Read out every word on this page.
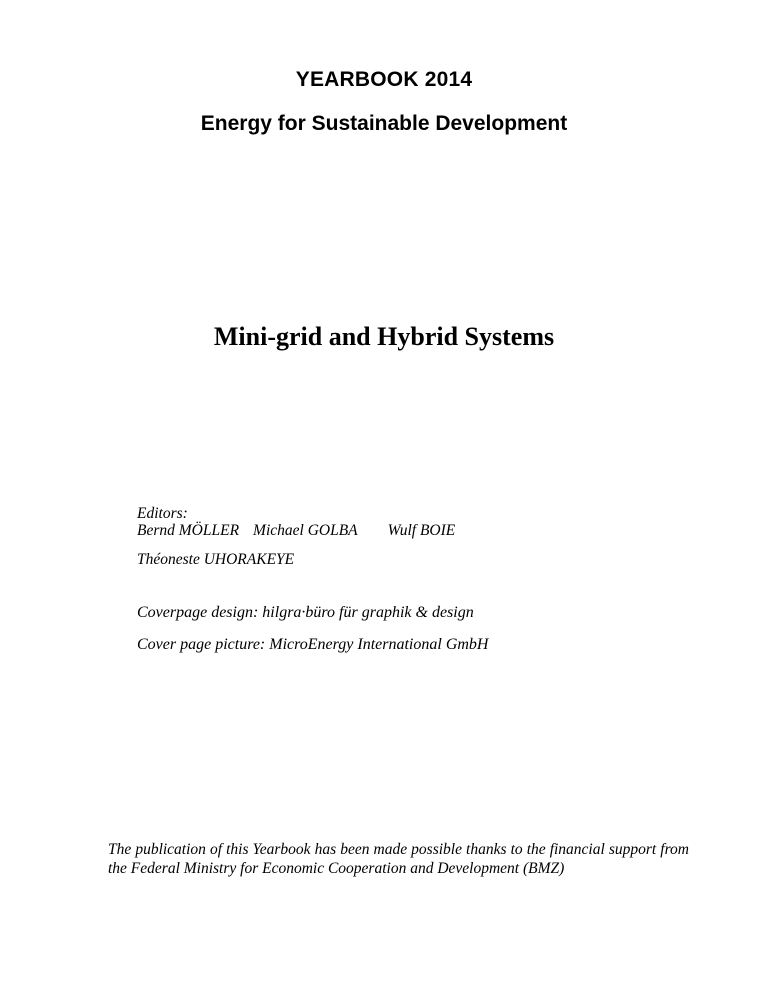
YEARBOOK 2014
Energy for Sustainable Development
Mini-grid and Hybrid Systems
Editors:
Bernd MÖLLER Michael GOLBA Wulf BOIE
Théoneste UHORAKEYE
Coverpage design: hilgra·büro für graphik & design
Cover page picture: MicroEnergy International GmbH
The publication of this Yearbook has been made possible thanks to the financial support from the Federal Ministry for Economic Cooperation and Development (BMZ)
